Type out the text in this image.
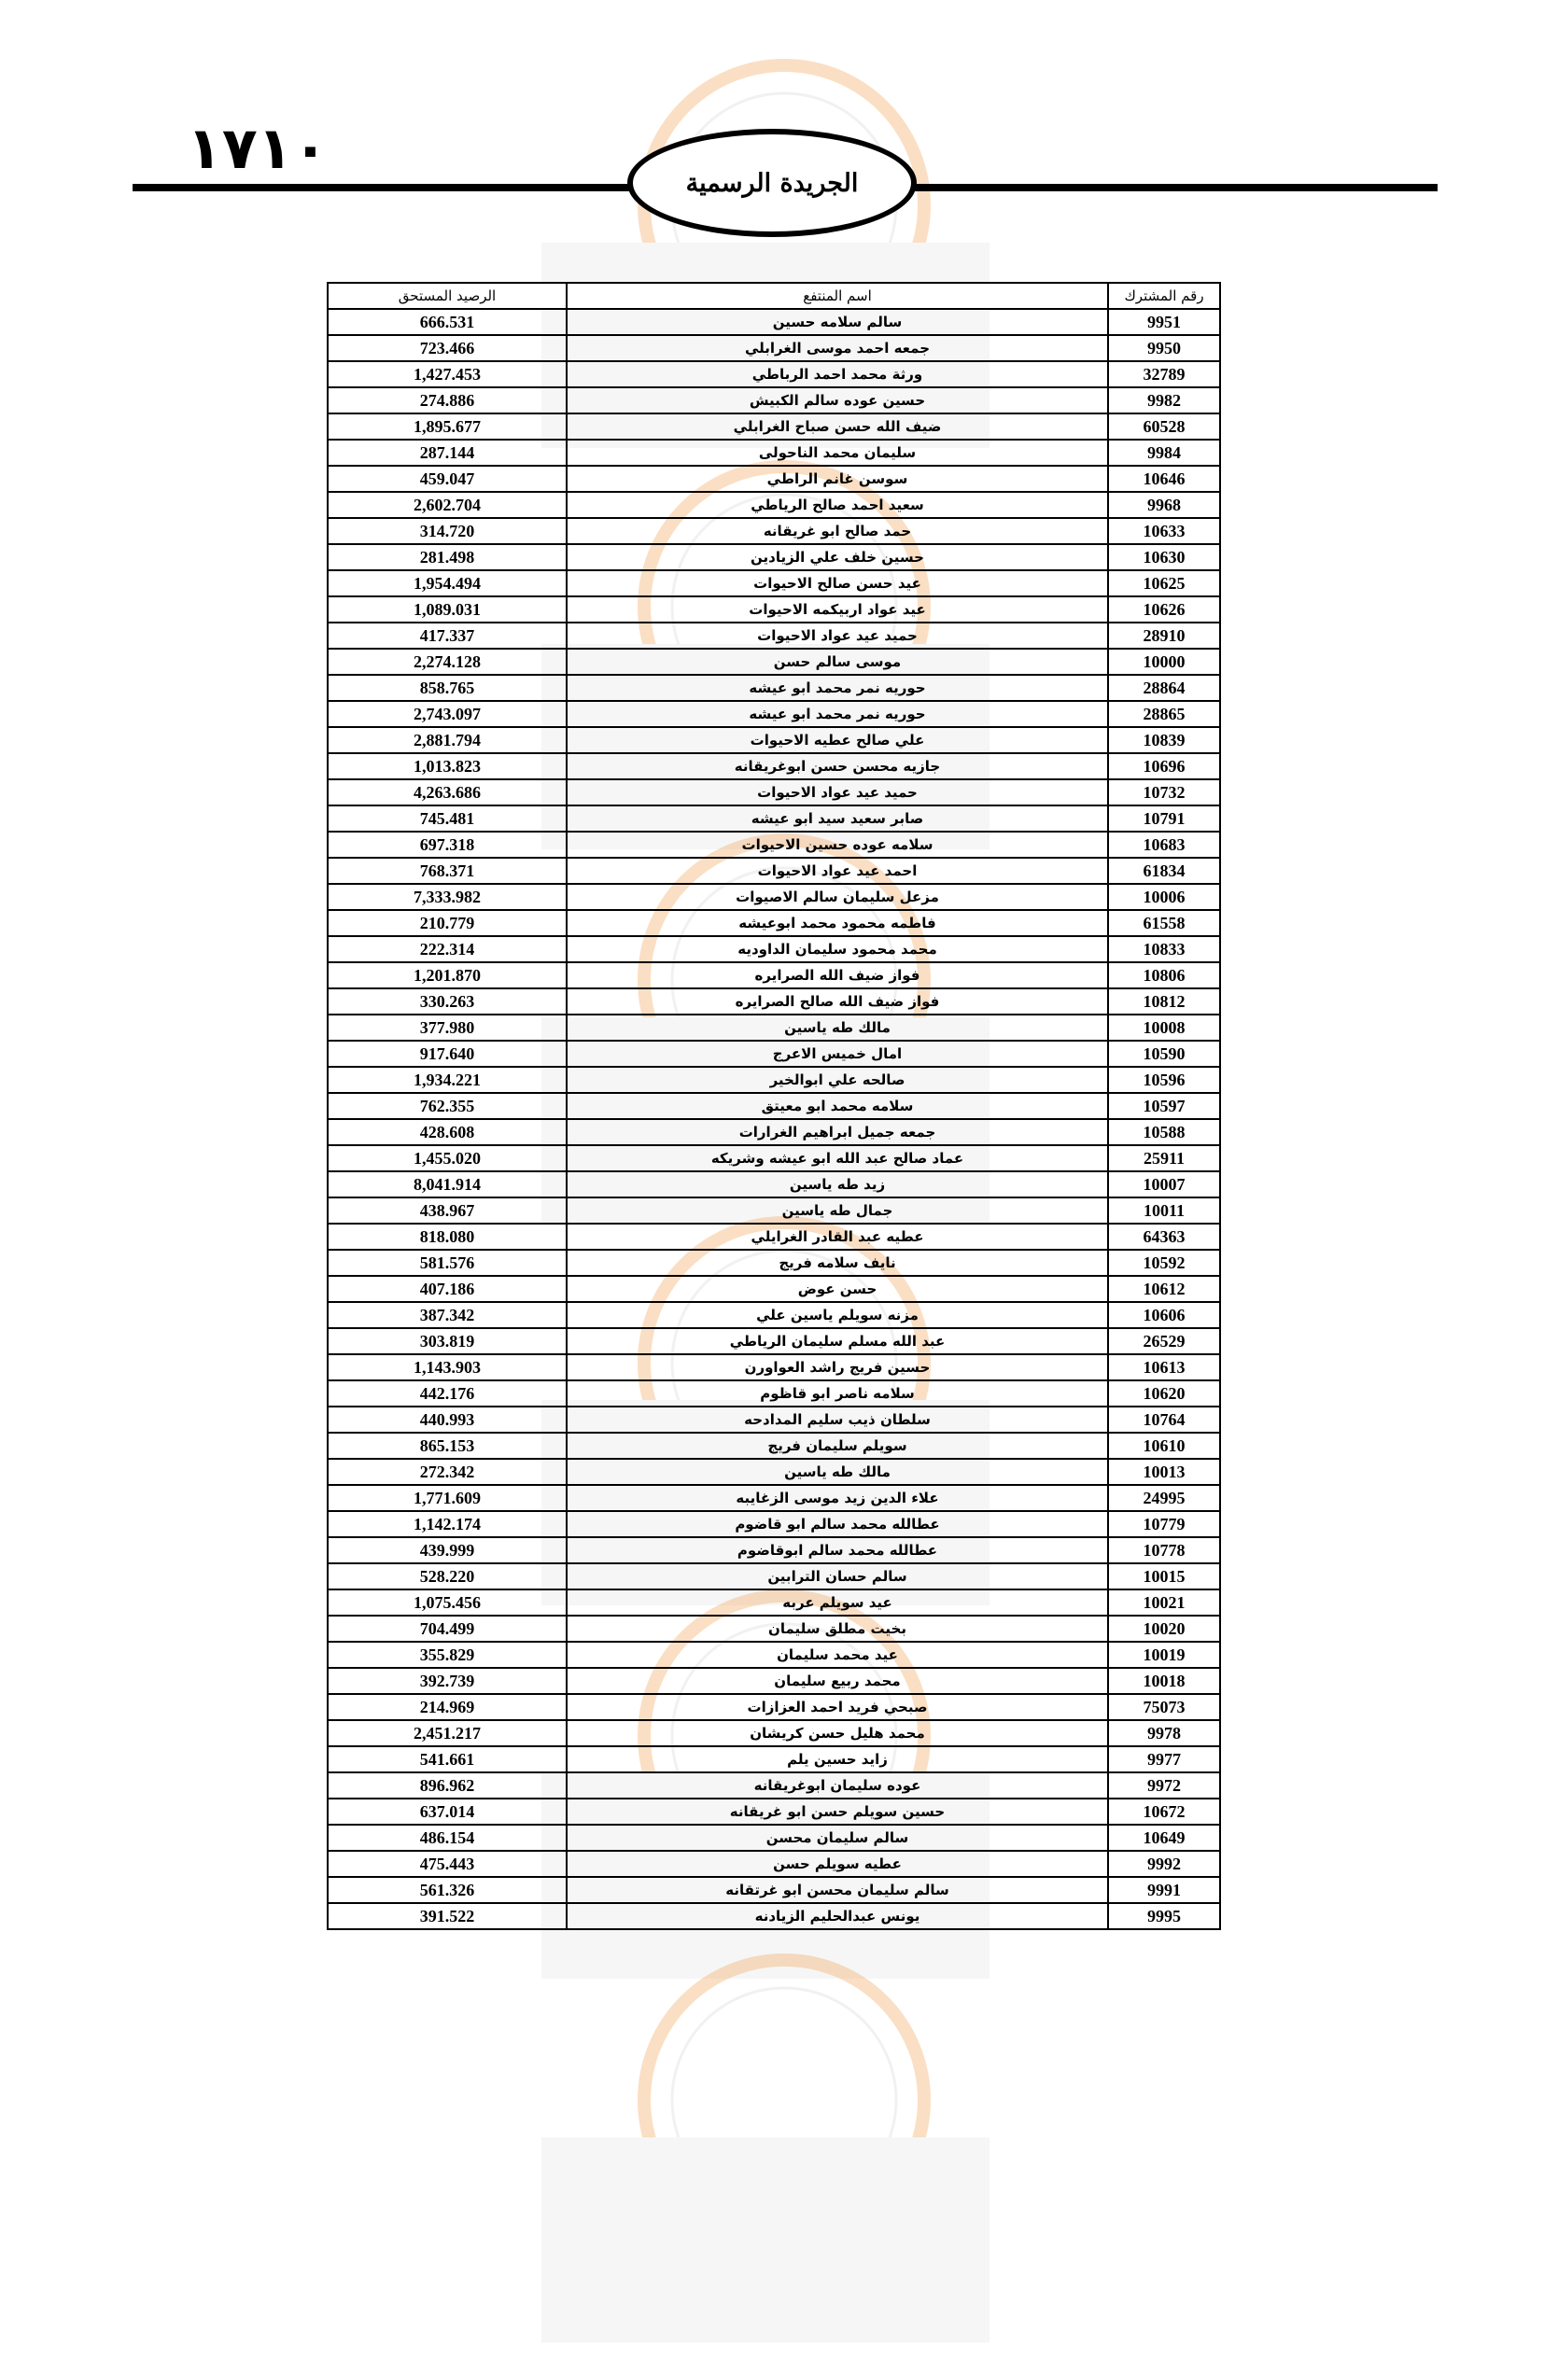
١٧١٠
الجريدة الرسمية
الرصيد المستحق	اسم المنتفع	رقم المشترك
666.531	سالم سلامه حسين	9951
723.466	جمعه احمد موسى الغرابلي	9950
1,427.453	ورثة محمد احمد الرباطي	32789
274.886	حسين عوده سالم الكبيش	9982
1,895.677	ضيف الله حسن صباح الغرابلي	60528
287.144	سليمان محمد الناحولى	9984
459.047	سوسن غانم الراطي	10646
2,602.704	سعيد احمد صالح الرياطي	9968
314.720	حمد صالح ابو غريقانه	10633
281.498	حسين خلف علي الزيادين	10630
1,954.494	عيد حسن صالح الاحيوات	10625
1,089.031	عيد عواد اربيكمه الاحيوات	10626
417.337	حميد عيد عواد الاحيوات	28910
2,274.128	موسى سالم حسن	10000
858.765	حوريه نمر محمد ابو عيشه	28864
2,743.097	حوريه نمر محمد ابو عيشه	28865
2,881.794	علي صالح عطيه الاحيوات	10839
1,013.823	جازيه محسن حسن ابوغريقانه	10696
4,263.686	حميد عيد عواد الاحيوات	10732
745.481	صابر سعيد سيد ابو عيشه	10791
697.318	سلامه عوده حسين الاحيوات	10683
768.371	احمد عيد عواد الاحيوات	61834
7,333.982	مزعل سليمان سالم الاصيوات	10006
210.779	فاطمه محمود محمد ابوعيشه	61558
222.314	محمد محمود سليمان الداوديه	10833
1,201.870	فواز ضيف الله الصرايره	10806
330.263	فواز ضيف الله صالح الصرايره	10812
377.980	مالك طه ياسين	10008
917.640	امال خميس الاعرج	10590
1,934.221	صالحه علي ابوالخير	10596
762.355	سلامه محمد ابو معيتق	10597
428.608	جمعه جميل ابراهيم الغرارات	10588
1,455.020	عماد صالح عبد الله ابو عيشه وشريكه	25911
8,041.914	زيد طه ياسين	10007
438.967	جمال طه ياسين	10011
818.080	عطيه عبد القادر الغرايلي	64363
581.576	نايف سلامه فريج	10592
407.186	حسن عوض	10612
387.342	مزنه سويلم ياسين علي	10606
303.819	عبد الله مسلم سليمان الرياطي	26529
1,143.903	حسين فريج راشد العواورن	10613
442.176	سلامه ناصر ابو قاظوم	10620
440.993	سلطان ذيب سليم المدادحه	10764
865.153	سويلم سليمان فريج	10610
272.342	مالك طه ياسين	10013
1,771.609	علاء الدين زيد موسى الزغايبه	24995
1,142.174	عطالله محمد سالم ابو قاضوم	10779
439.999	عطالله محمد سالم ابوقاضوم	10778
528.220	سالم حسان الترابين	10015
1,075.456	عيد سويلم عربه	10021
704.499	بخيت مطلق سليمان	10020
355.829	عيد محمد سليمان	10019
392.739	محمد ربيع سليمان	10018
214.969	صبحي فريد احمد العزازات	75073
2,451.217	محمد هليل حسن كريشان	9978
541.661	زايد حسين يلم	9977
896.962	عوده سليمان ابوغريقانه	9972
637.014	حسين سويلم حسن ابو غريقانه	10672
486.154	سالم سليمان محسن	10649
475.443	عطيه سويلم حسن	9992
561.326	سالم سليمان محسن ابو غرتقانه	9991
391.522	يونس عبدالحليم الزيادنه	9995
